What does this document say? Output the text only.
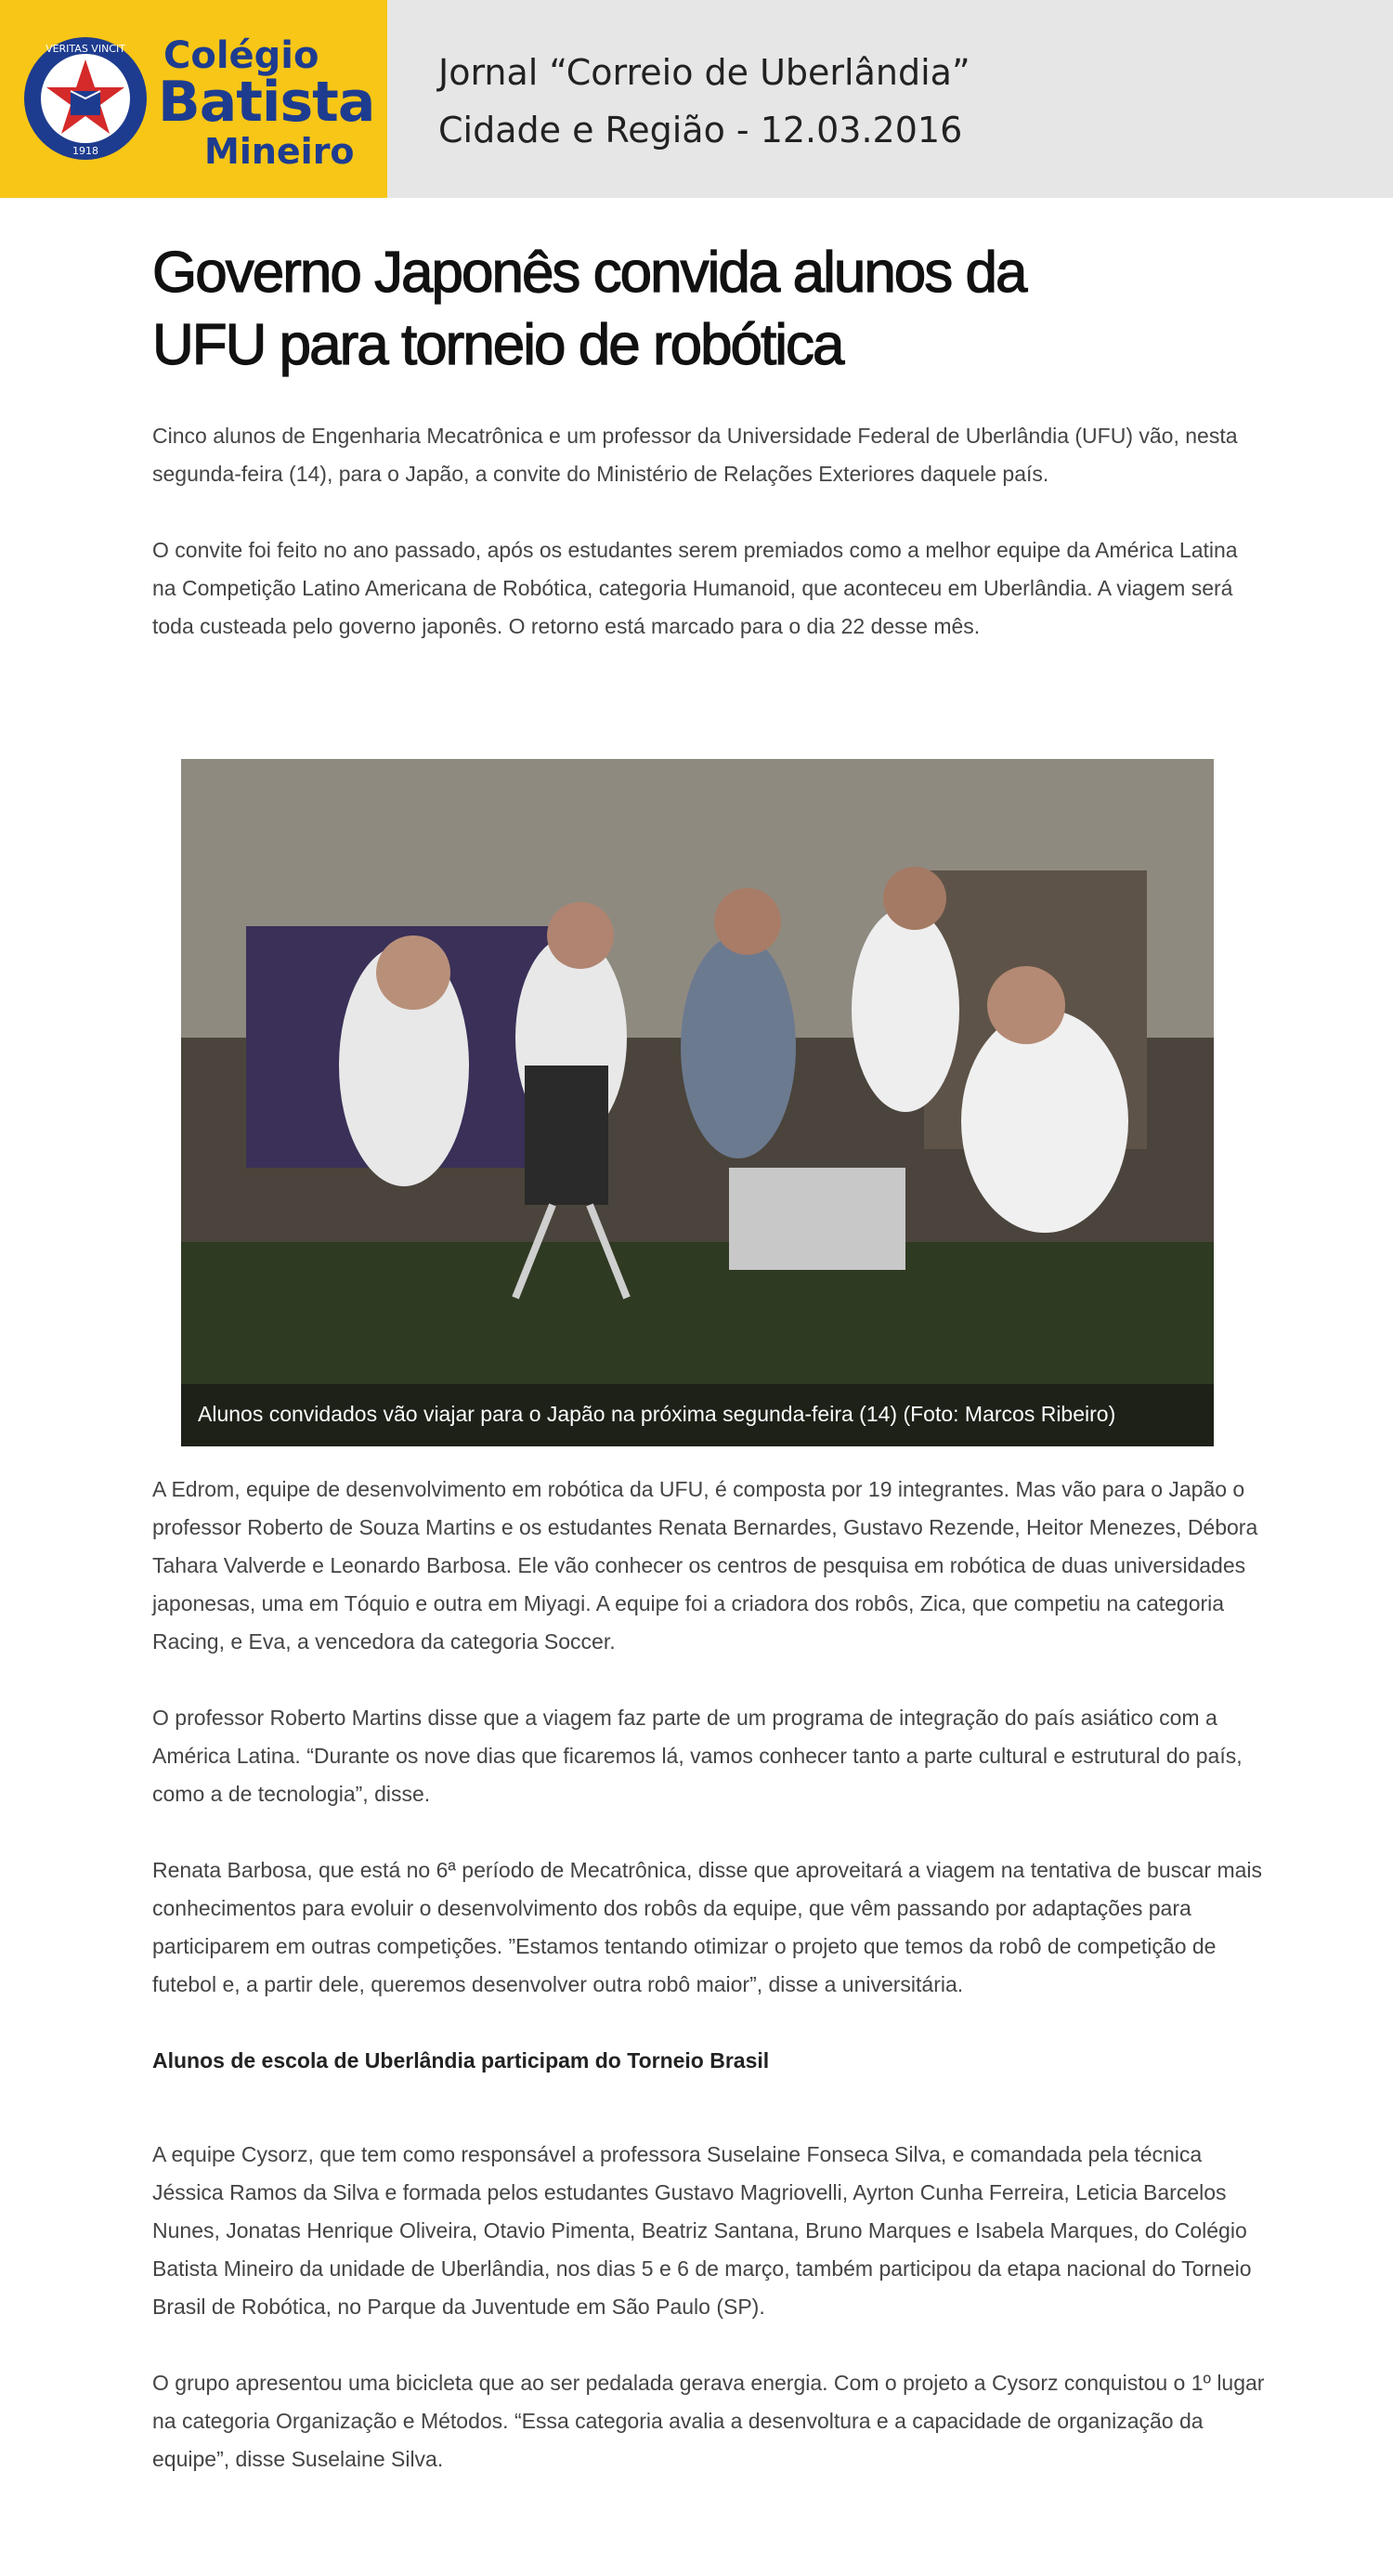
VERITAS VINCIT
1918
Colégio
Batista
Mineiro
Jornal “Correio de Uberlândia”
Cidade e Região - 12.03.2016
Governo Japonês convida alunos da
UFU para torneio de robótica

Cinco alunos de Engenharia Mecatrônica e um professor da Universidade Federal de Uberlândia (UFU) vão, nesta segunda-feira (14), para o Japão, a convite do Ministério de Relações Exteriores daquele país.

O convite foi feito no ano passado, após os estudantes serem premiados como a melhor equipe da América Latina na Competição Latino Americana de Robótica, categoria Humanoid, que aconteceu em Uberlândia. A viagem será toda custeada pelo governo japonês. O retorno está marcado para o dia 22 desse mês.

Alunos convidados vão viajar para o Japão na próxima segunda-feira (14) (Foto: Marcos Ribeiro)

A Edrom, equipe de desenvolvimento em robótica da UFU, é composta por 19 integrantes. Mas vão para o Japão o professor Roberto de Souza Martins e os estudantes Renata Bernardes, Gustavo Rezende, Heitor Menezes, Débora Tahara Valverde e Leonardo Barbosa. Ele vão conhecer os centros de pesquisa em robótica de duas universidades japonesas, uma em Tóquio e outra em Miyagi. A equipe foi a criadora dos robôs, Zica, que competiu na categoria Racing, e Eva, a vencedora da categoria Soccer.

O professor Roberto Martins disse que a viagem faz parte de um programa de integração do país asiático com a América Latina. “Durante os nove dias que ficaremos lá, vamos conhecer tanto a parte cultural e estrutural do país, como a de tecnologia”, disse.

Renata Barbosa, que está no 6ª período de Mecatrônica, disse que aproveitará a viagem na tentativa de buscar mais conhecimentos para evoluir o desenvolvimento dos robôs da equipe, que vêm passando por adaptações para participarem em outras competições. ”Estamos tentando otimizar o projeto que temos da robô de competição de futebol e, a partir dele, queremos desenvolver outra robô maior”, disse a universitária.

Alunos de escola de Uberlândia participam do Torneio Brasil

A equipe Cysorz, que tem como responsável a professora Suselaine Fonseca Silva, e comandada pela técnica Jéssica Ramos da Silva e formada pelos estudantes Gustavo Magriovelli, Ayrton Cunha Ferreira, Leticia Barcelos Nunes, Jonatas Henrique Oliveira, Otavio Pimenta, Beatriz Santana, Bruno Marques e Isabela Marques, do Colégio Batista Mineiro da unidade de Uberlândia, nos dias 5 e 6 de março, também participou da etapa nacional do Torneio Brasil de Robótica, no Parque da Juventude em São Paulo (SP).

O grupo apresentou uma bicicleta que ao ser pedalada gerava energia. Com o projeto a Cysorz conquistou o 1º lugar na categoria Organização e Métodos. “Essa categoria avalia a desenvoltura e a capacidade de organização da equipe”, disse Suselaine Silva.
